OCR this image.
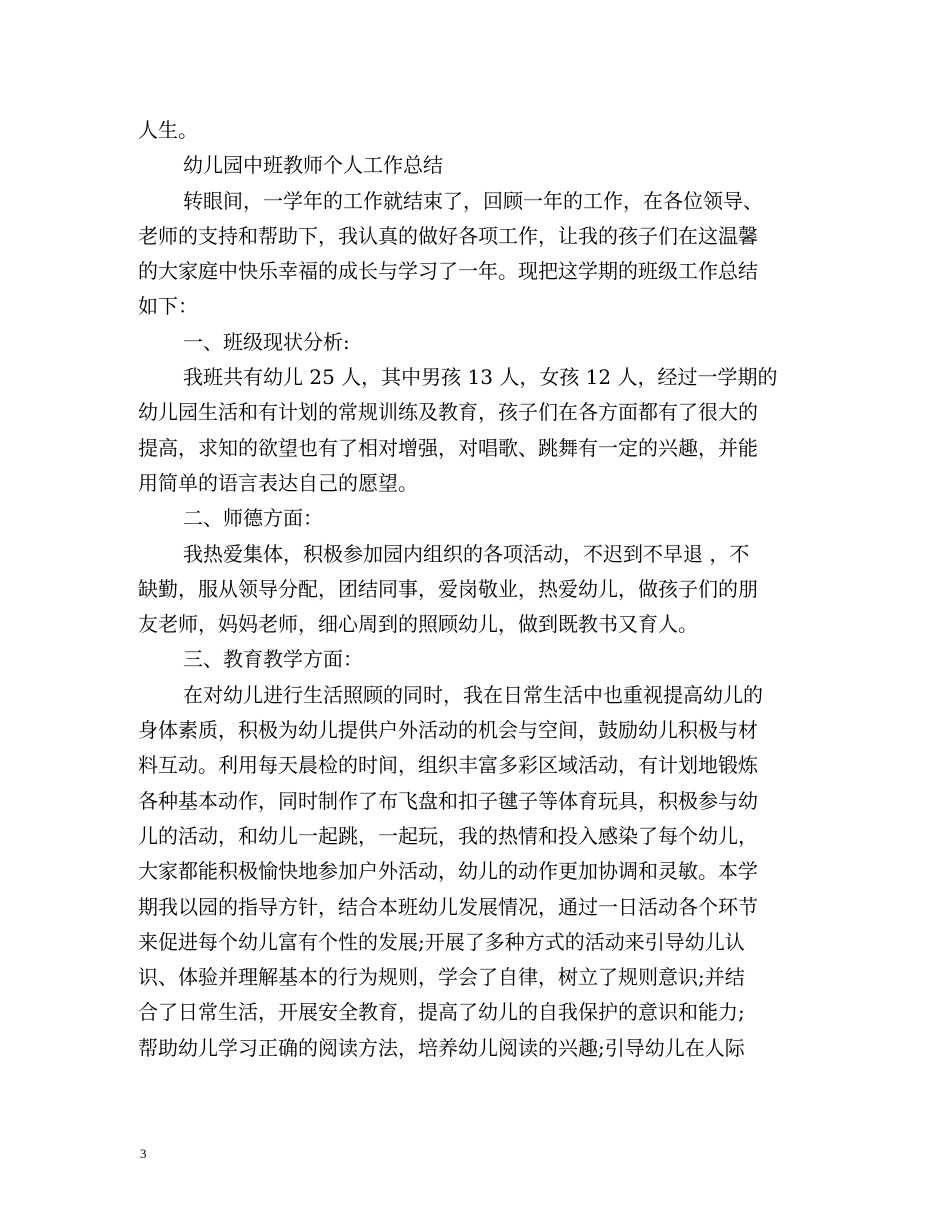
人生。
幼儿园中班教师个人工作总结
转眼间，一学年的工作就结束了，回顾一年的工作，在各位领导、
老师的支持和帮助下，我认真的做好各项工作，让我的孩子们在这温馨
的大家庭中快乐幸福的成长与学习了一年。现把这学期的班级工作总结
如下：
一、班级现状分析:
我班共有幼儿 25 人，其中男孩 13 人，女孩 12 人，经过一学期的
幼儿园生活和有计划的常规训练及教育，孩子们在各方面都有了很大的
提高，求知的欲望也有了相对增强，对唱歌、跳舞有一定的兴趣，并能
用简单的语言表达自己的愿望。
二、师德方面：
我热爱集体，积极参加园内组织的各项活动，不迟到不早退 ，不
缺勤，服从领导分配，团结同事，爱岗敬业，热爱幼儿，做孩子们的朋
友老师，妈妈老师，细心周到的照顾幼儿，做到既教书又育人。
三、教育教学方面：
在对幼儿进行生活照顾的同时，我在日常生活中也重视提高幼儿的
身体素质，积极为幼儿提供户外活动的机会与空间，鼓励幼儿积极与材
料互动。利用每天晨检的时间，组织丰富多彩区域活动，有计划地锻炼
各种基本动作，同时制作了布飞盘和扣子毽子等体育玩具，积极参与幼
儿的活动，和幼儿一起跳，一起玩，我的热情和投入感染了每个幼儿，
大家都能积极愉快地参加户外活动，幼儿的动作更加协调和灵敏。本学
期我以园的指导方针，结合本班幼儿发展情况，通过一日活动各个环节
来促进每个幼儿富有个性的发展;开展了多种方式的活动来引导幼儿认
识、体验并理解基本的行为规则，学会了自律，树立了规则意识;并结
合了日常生活，开展安全教育，提高了幼儿的自我保护的意识和能力;
帮助幼儿学习正确的阅读方法，培养幼儿阅读的兴趣;引导幼儿在人际
3
